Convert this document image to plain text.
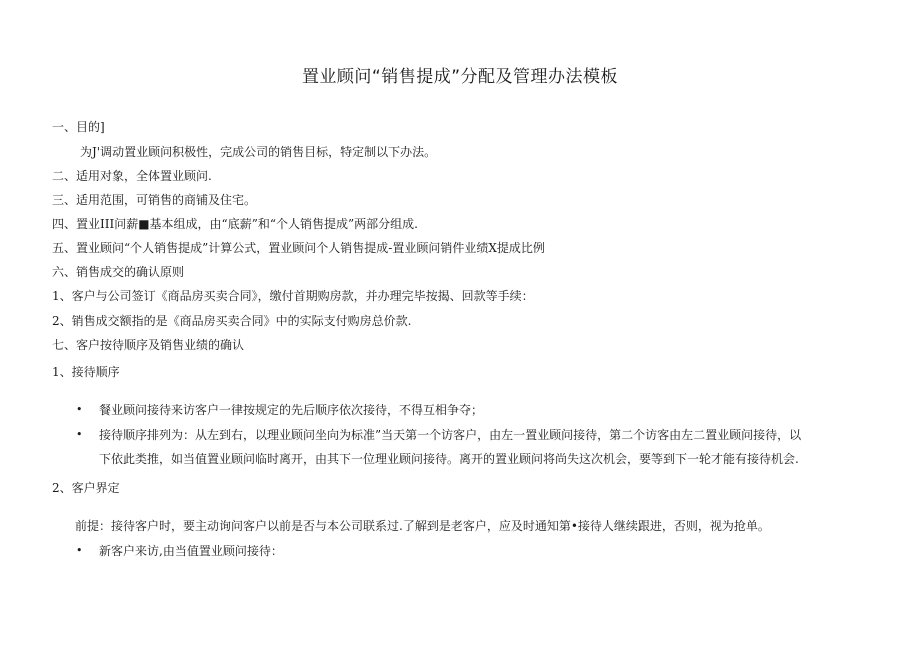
置业顾问“销售提成”分配及管理办法模板
一、目的]
为J'调动置业顾问积极性，完成公司的销售目标，特定制以下办法。
二、适用对象，全体置业顾问.
三、适用范围，可销售的商铺及住宅。
四、置业III问薪■基本组成，由“底薪”和“个人销售提成”两部分组成.
五、置业顾问“个人销售提成”计算公式，置业顾问个人销售提成-置业顾问销件业绩X提成比例
六、销售成交的确认原则
1、客户与公司签订《商品房买卖合同》，缴付首期购房款，并办理完毕按揭、回款等手续：
2、销售成交额指的是《商品房买卖合同》中的实际支付购房总价款.
七、客户按待顺序及销售业绩的确认
1、接待顺序
• 餐业顾问接待来访客户一律按规定的先后顺序依次接待，不得互相争夺；
• 接待顺序排列为：从左到右，以理业顾问坐向为标准”当天第一个访客户，由左一置业顾问接待，第二个访客由左二置业顾问接待，以
下依此类推，如当值置业顾问临时离开，由其下一位理业顾问接待。离开的置业顾问将尚失这次机会，要等到下一轮才能有接待机会.
2、客户界定
前提：接待客户时，要主动询问客户以前是否与本公司联系过.了解到是老客户，应及时通知第•接待人继续跟进，否则，视为抢单。
• 新客户来访,由当值置业顾问接待：
